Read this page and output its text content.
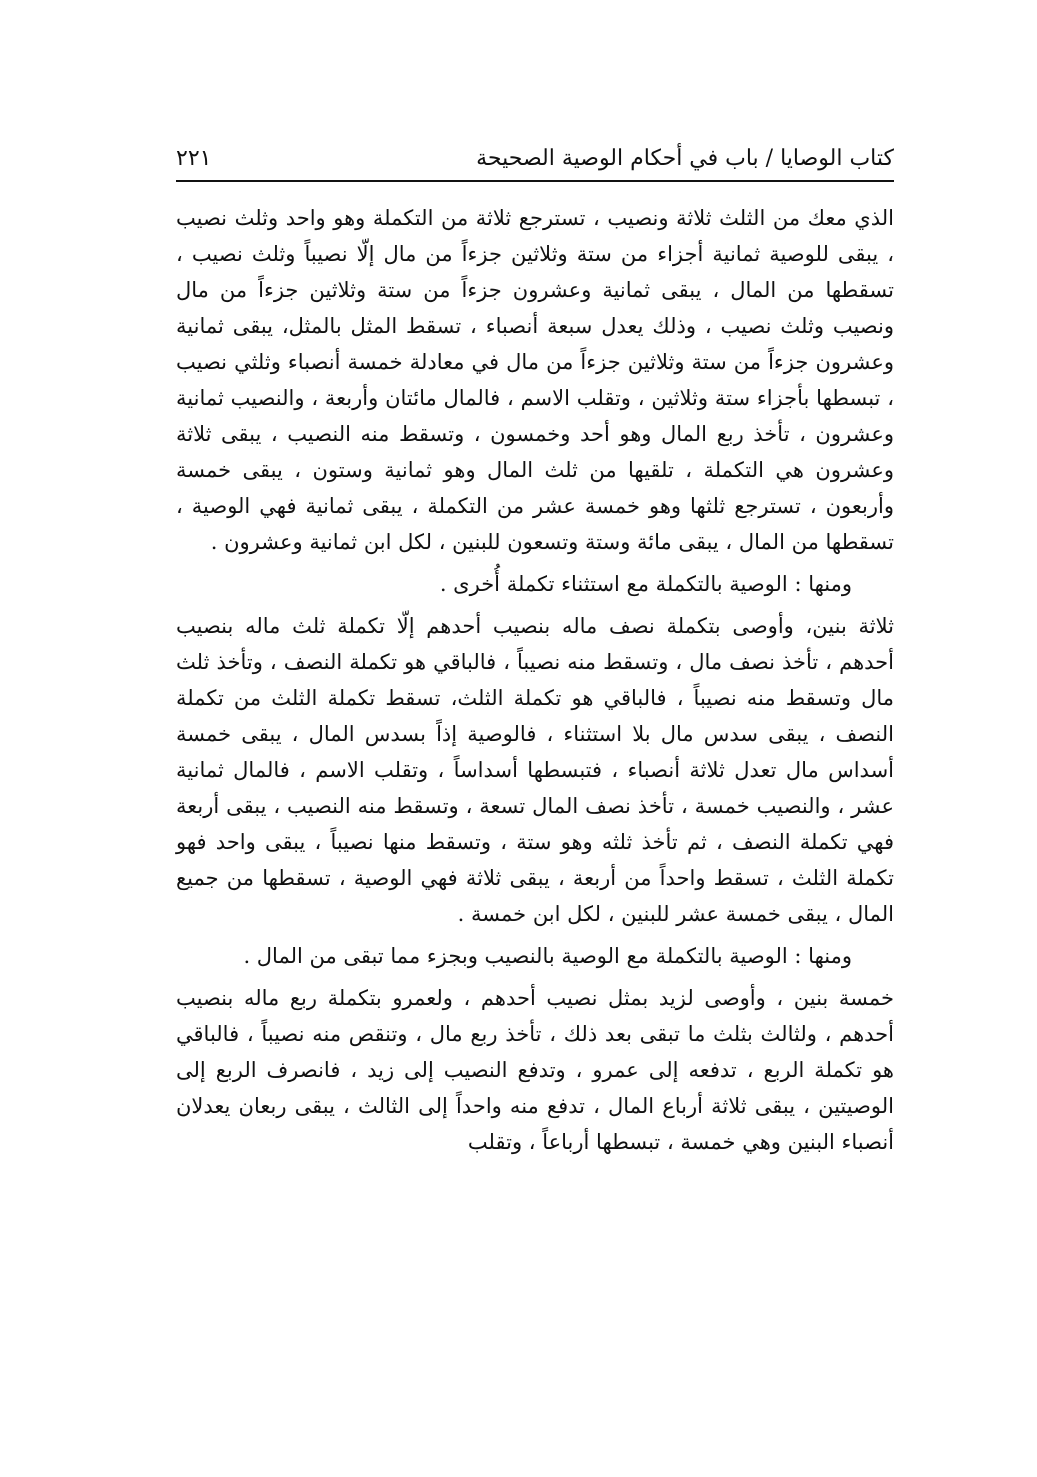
كتاب الوصايا / باب في أحكام الوصية الصحيحة
٢٢١

الذي معك من الثلث ثلاثة ونصيب ، تسترجع ثلاثة من التكملة وهو واحد وثلث نصيب ، يبقى للوصية ثمانية أجزاء من ستة وثلاثين جزءاً من مال إلّا نصيباً وثلث نصيب ، تسقطها من المال ، يبقى ثمانية وعشرون جزءاً من ستة وثلاثين جزءاً من مال ونصيب وثلث نصيب ، وذلك يعدل سبعة أنصباء ، تسقط المثل بالمثل، يبقى ثمانية وعشرون جزءاً من ستة وثلاثين جزءاً من مال في معادلة خمسة أنصباء وثلثي نصيب ، تبسطها بأجزاء ستة وثلاثين ، وتقلب الاسم ، فالمال مائتان وأربعة ، والنصيب ثمانية وعشرون ، تأخذ ربع المال وهو أحد وخمسون ، وتسقط منه النصيب ، يبقى ثلاثة وعشرون هي التكملة ، تلقيها من ثلث المال وهو ثمانية وستون ، يبقى خمسة وأربعون ، تسترجع ثلثها وهو خمسة عشر من التكملة ، يبقى ثمانية فهي الوصية ، تسقطها من المال ، يبقى مائة وستة وتسعون للبنين ، لكل ابن ثمانية وعشرون .

ومنها : الوصية بالتكملة مع استثناء تكملة أُخرى .

ثلاثة بنين، وأوصى بتكملة نصف ماله بنصيب أحدهم إلّا تكملة ثلث ماله بنصيب أحدهم ، تأخذ نصف مال ، وتسقط منه نصيباً ، فالباقي هو تكملة النصف ، وتأخذ ثلث مال وتسقط منه نصيباً ، فالباقي هو تكملة الثلث، تسقط تكملة الثلث من تكملة النصف ، يبقى سدس مال بلا استثناء ، فالوصية إذاً بسدس المال ، يبقى خمسة أسداس مال تعدل ثلاثة أنصباء ، فتبسطها أسداساً ، وتقلب الاسم ، فالمال ثمانية عشر ، والنصيب خمسة ، تأخذ نصف المال تسعة ، وتسقط منه النصيب ، يبقى أربعة فهي تكملة النصف ، ثم تأخذ ثلثه وهو ستة ، وتسقط منها نصيباً ، يبقى واحد فهو تكملة الثلث ، تسقط واحداً من أربعة ، يبقى ثلاثة فهي الوصية ، تسقطها من جميع المال ، يبقى خمسة عشر للبنين ، لكل ابن خمسة .

ومنها : الوصية بالتكملة مع الوصية بالنصيب وبجزء مما تبقى من المال .

خمسة بنين ، وأوصى لزيد بمثل نصيب أحدهم ، ولعمرو بتكملة ربع ماله بنصيب أحدهم ، ولثالث بثلث ما تبقى بعد ذلك ، تأخذ ربع مال ، وتنقص منه نصيباً ، فالباقي هو تكملة الربع ، تدفعه إلى عمرو ، وتدفع النصيب إلى زيد ، فانصرف الربع إلى الوصيتين ، يبقى ثلاثة أرباع المال ، تدفع منه واحداً إلى الثالث ، يبقى ربعان يعدلان أنصباء البنين وهي خمسة ، تبسطها أرباعاً ، وتقلب
